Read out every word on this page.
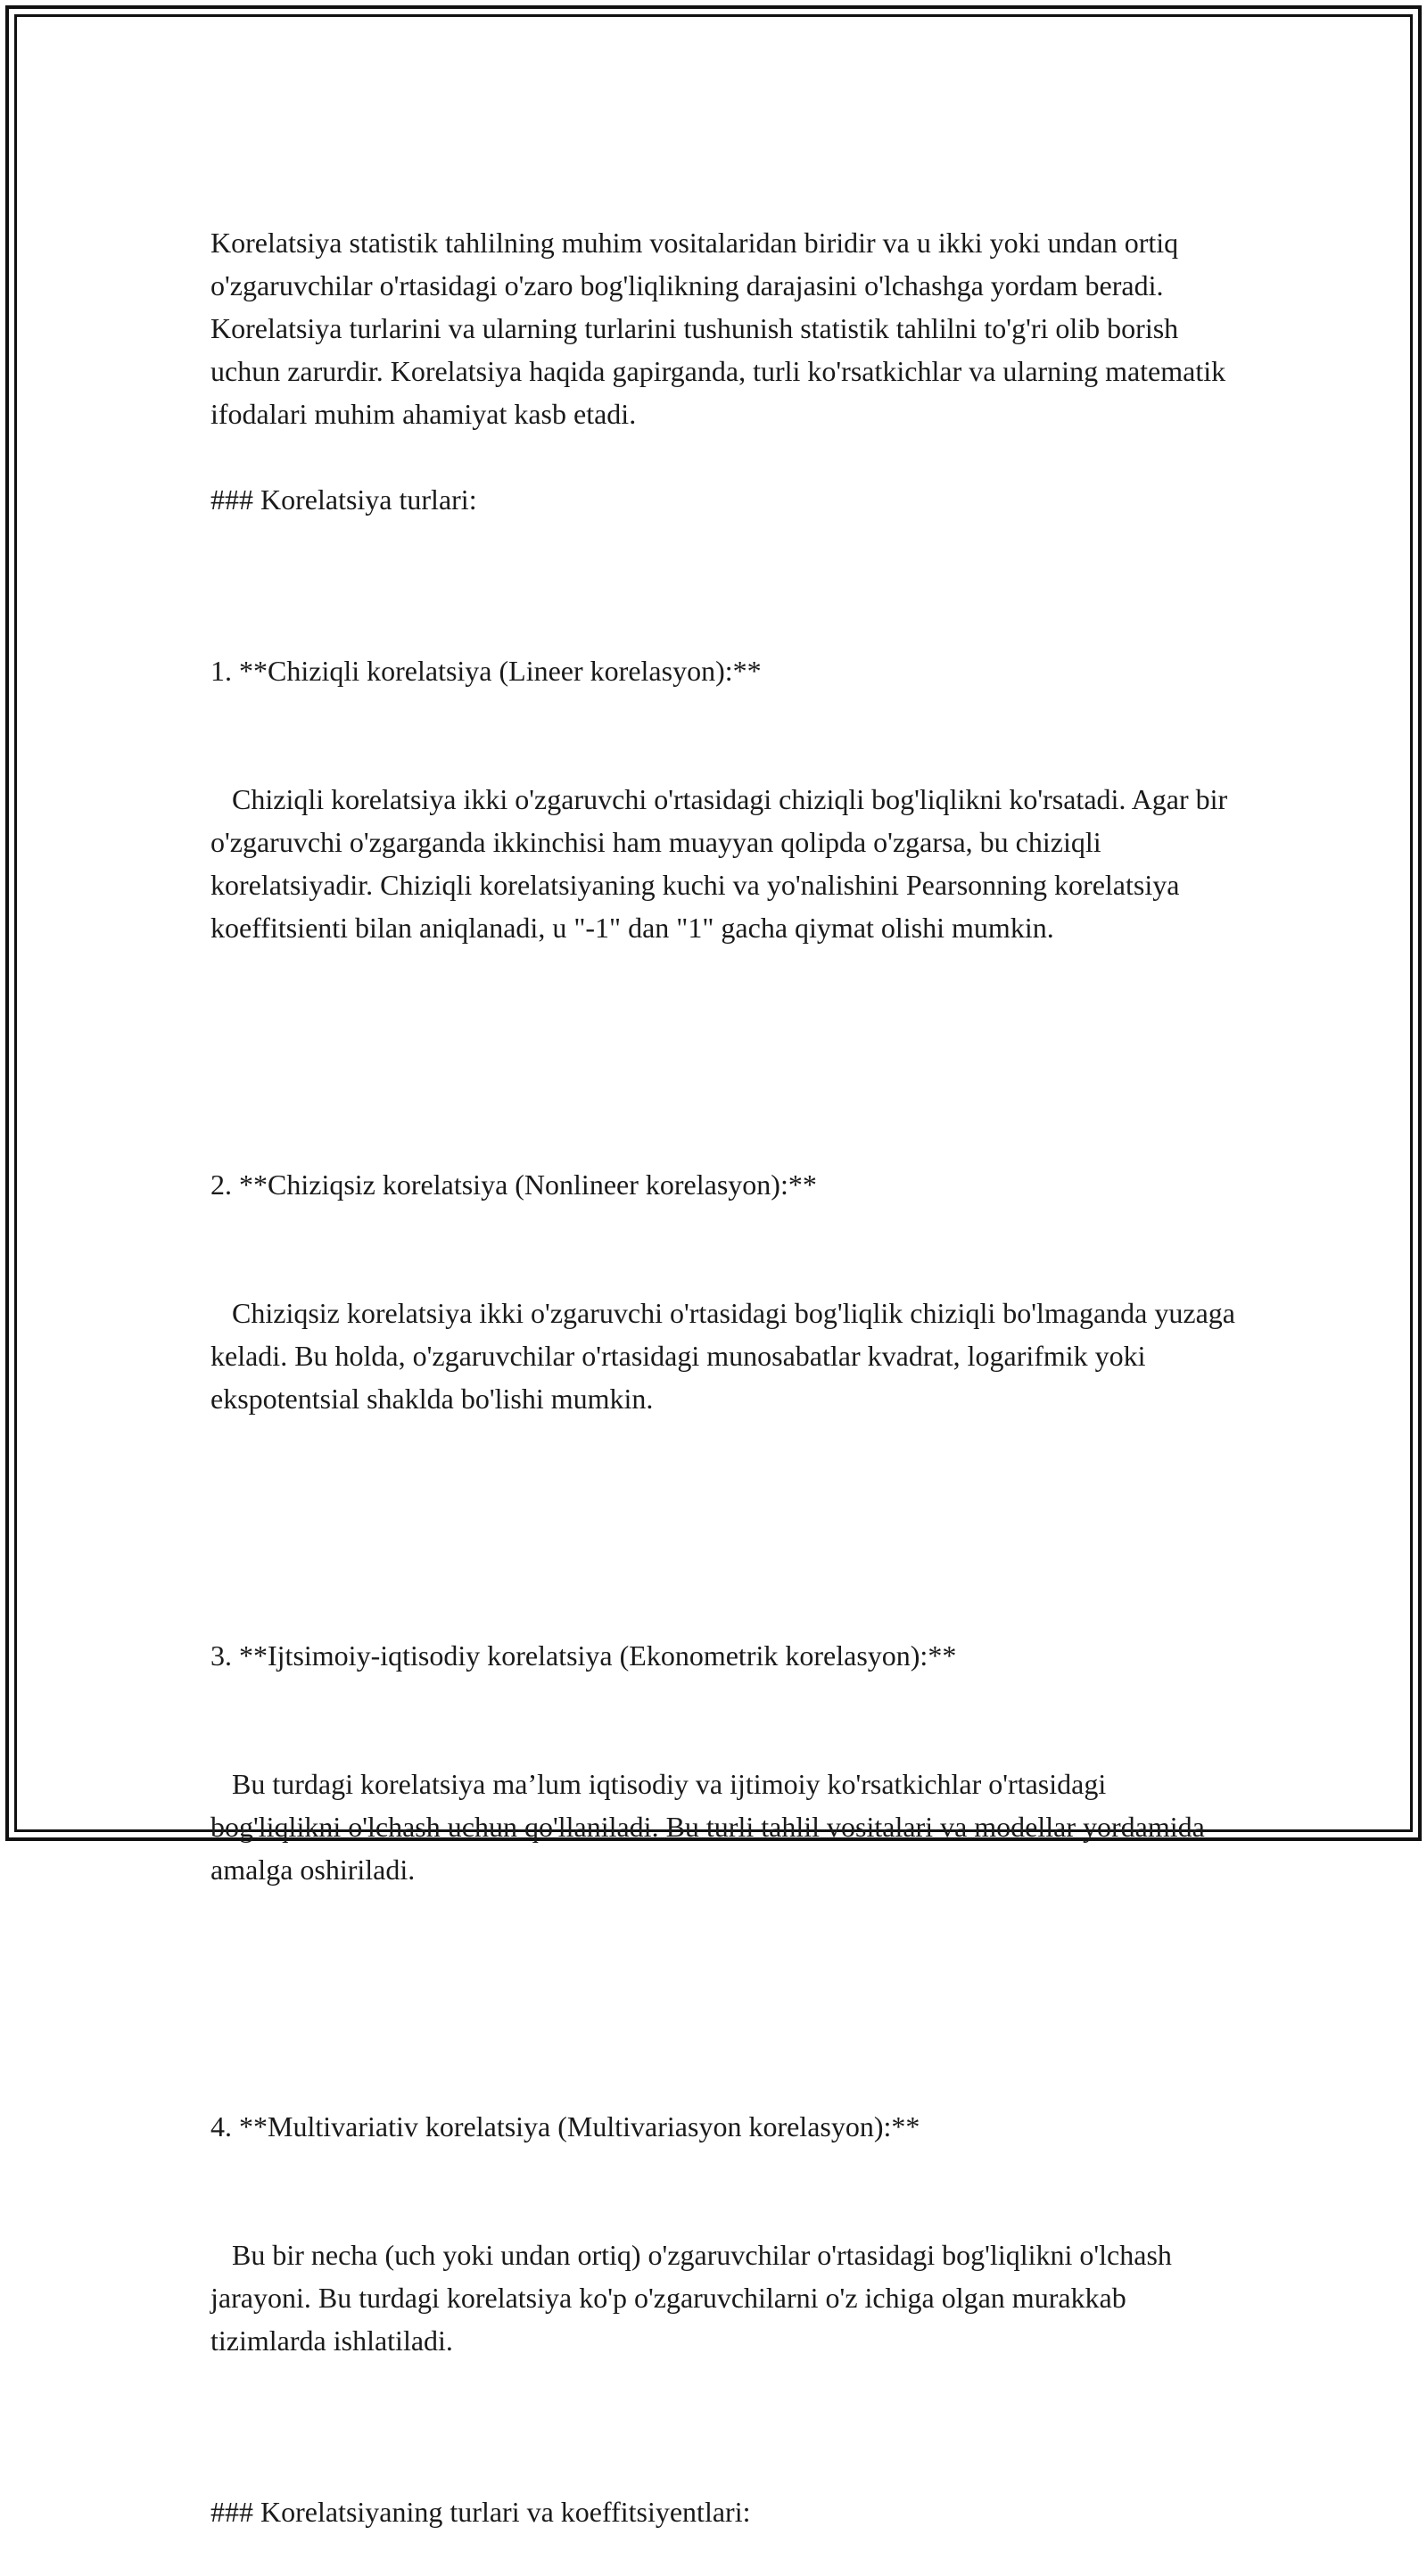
Korelatsiya statistik tahlilning muhim vositalaridan biridir va u ikki yoki undan ortiq o'zgaruvchilar o'rtasidagi o'zaro bog'liqlikning darajasini o'lchashga yordam beradi. Korelatsiya turlarini va ularning turlarini tushunish statistik tahlilni to'g'ri olib borish uchun zarurdir. Korelatsiya haqida gapirganda, turli ko'rsatkichlar va ularning matematik ifodalari muhim ahamiyat kasb etadi.

### Korelatsiya turlari:

1. **Chiziqli korelatsiya (Lineer korelasyon):**

Chiziqli korelatsiya ikki o'zgaruvchi o'rtasidagi chiziqli bog'liqlikni ko'rsatadi. Agar bir o'zgaruvchi o'zgarganda ikkinchisi ham muayyan qolipda o'zgarsa, bu chiziqli korelatsiyadir. Chiziqli korelatsiyaning kuchi va yo'nalishini Pearsonning korelatsiya koeffitsienti bilan aniqlanadi, u "-1" dan "1" gacha qiymat olishi mumkin.

2. **Chiziqsiz korelatsiya (Nonlineer korelasyon):**

Chiziqsiz korelatsiya ikki o'zgaruvchi o'rtasidagi bog'liqlik chiziqli bo'lmaganda yuzaga keladi. Bu holda, o'zgaruvchilar o'rtasidagi munosabatlar kvadrat, logarifmik yoki ekspotentsial shaklda bo'lishi mumkin.

3. **Ijtsimoiy-iqtisodiy korelatsiya (Ekonometrik korelasyon):**

Bu turdagi korelatsiya ma’lum iqtisodiy va ijtimoiy ko'rsatkichlar o'rtasidagi bog'liqlikni o'lchash uchun qo'llaniladi. Bu turli tahlil vositalari va modellar yordamida amalga oshiriladi.

4. **Multivariativ korelatsiya (Multivariasyon korelasyon):**

Bu bir necha (uch yoki undan ortiq) o'zgaruvchilar o'rtasidagi bog'liqlikni o'lchash jarayoni. Bu turdagi korelatsiya ko'p o'zgaruvchilarni o'z ichiga olgan murakkab tizimlarda ishlatiladi.

### Korelatsiyaning turlari va koeffitsiyentlari:
